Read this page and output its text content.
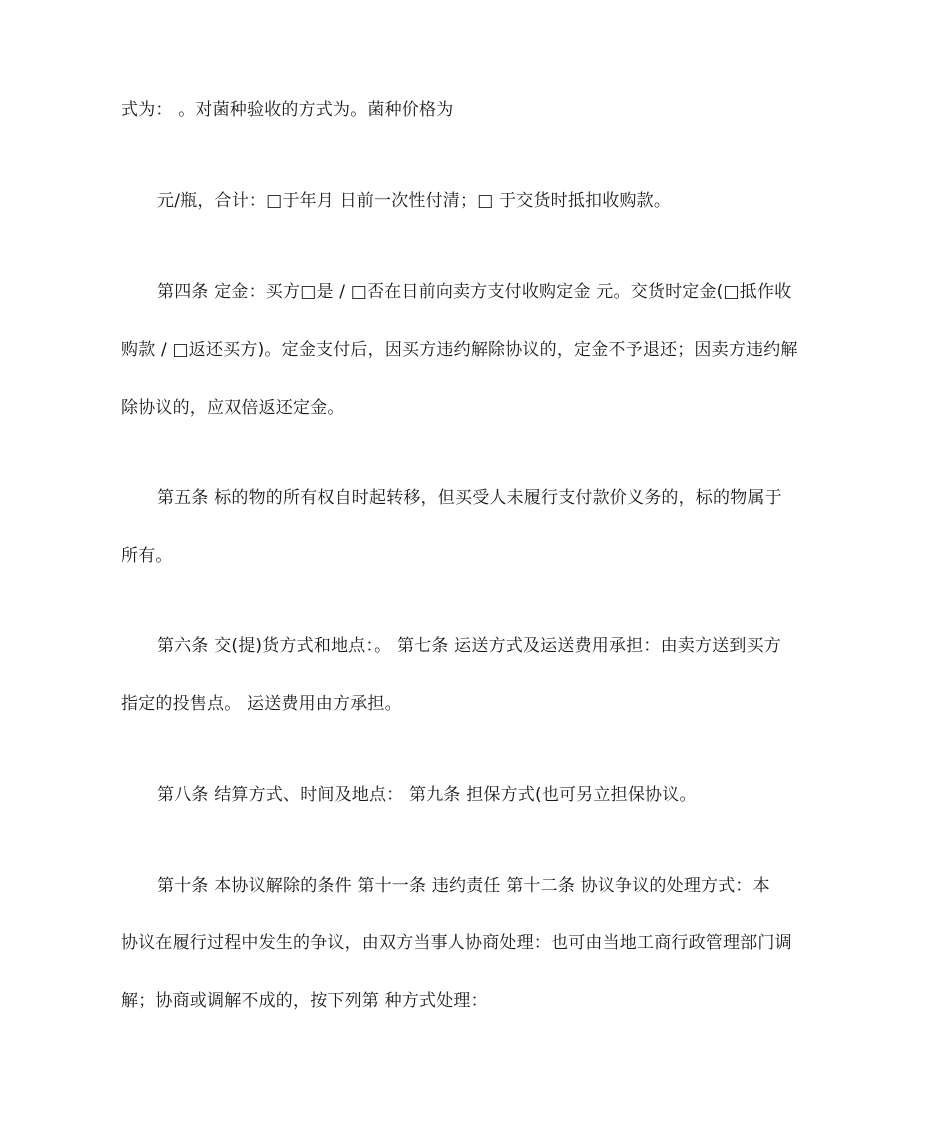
式为： 。对菌种验收的方式为。菌种价格为
元/瓶，合计：□于年月 日前一次性付清；□ 于交货时抵扣收购款。
第四条 定金：买方□是 / □否在日前向卖方支付收购定金 元。交货时定金(□抵作收
购款 / □返还买方)。定金支付后，因买方违约解除协议的，定金不予退还；因卖方违约解
除协议的，应双倍返还定金。
第五条 标的物的所有权自时起转移，但买受人未履行支付款价义务的，标的物属于
所有。
第六条 交(提)货方式和地点：。 第七条 运送方式及运送费用承担：由卖方送到买方
指定的投售点。 运送费用由方承担。
第八条 结算方式、时间及地点： 第九条 担保方式(也可另立担保协议。
第十条 本协议解除的条件 第十一条 违约责任 第十二条 协议争议的处理方式：本
协议在履行过程中发生的争议，由双方当事人协商处理：也可由当地工商行政管理部门调
解；协商或调解不成的，按下列第 种方式处理：
